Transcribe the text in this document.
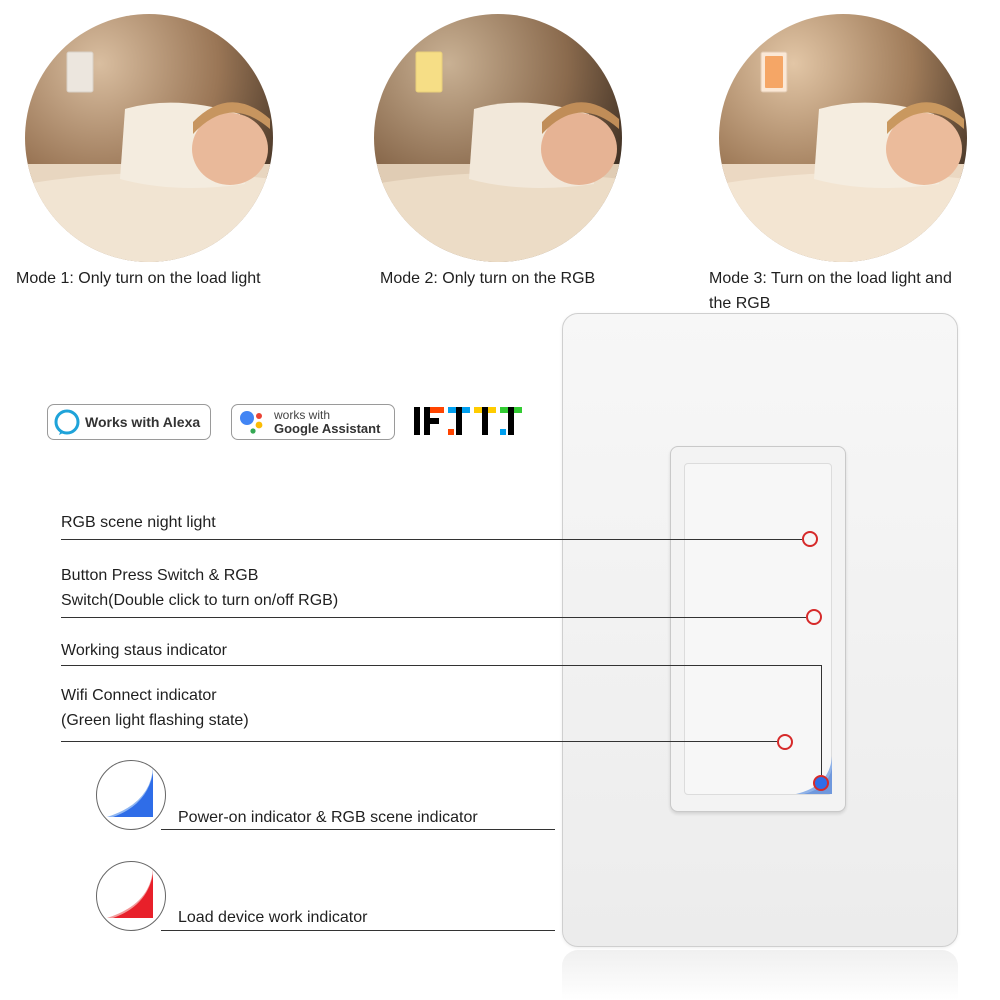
Mode 1: Only turn on the load light	Mode 2: Only turn on the RGB	Mode 3: Turn on the load light and the RGB
Works with Alexa	works with
Google Assistant
RGB scene night light
Button Press Switch & RGB
Switch(Double click to turn on/off RGB)
Working staus indicator
Wifi Connect indicator
(Green light flashing state)
Power-on indicator & RGB scene indicator
Load device work indicator
